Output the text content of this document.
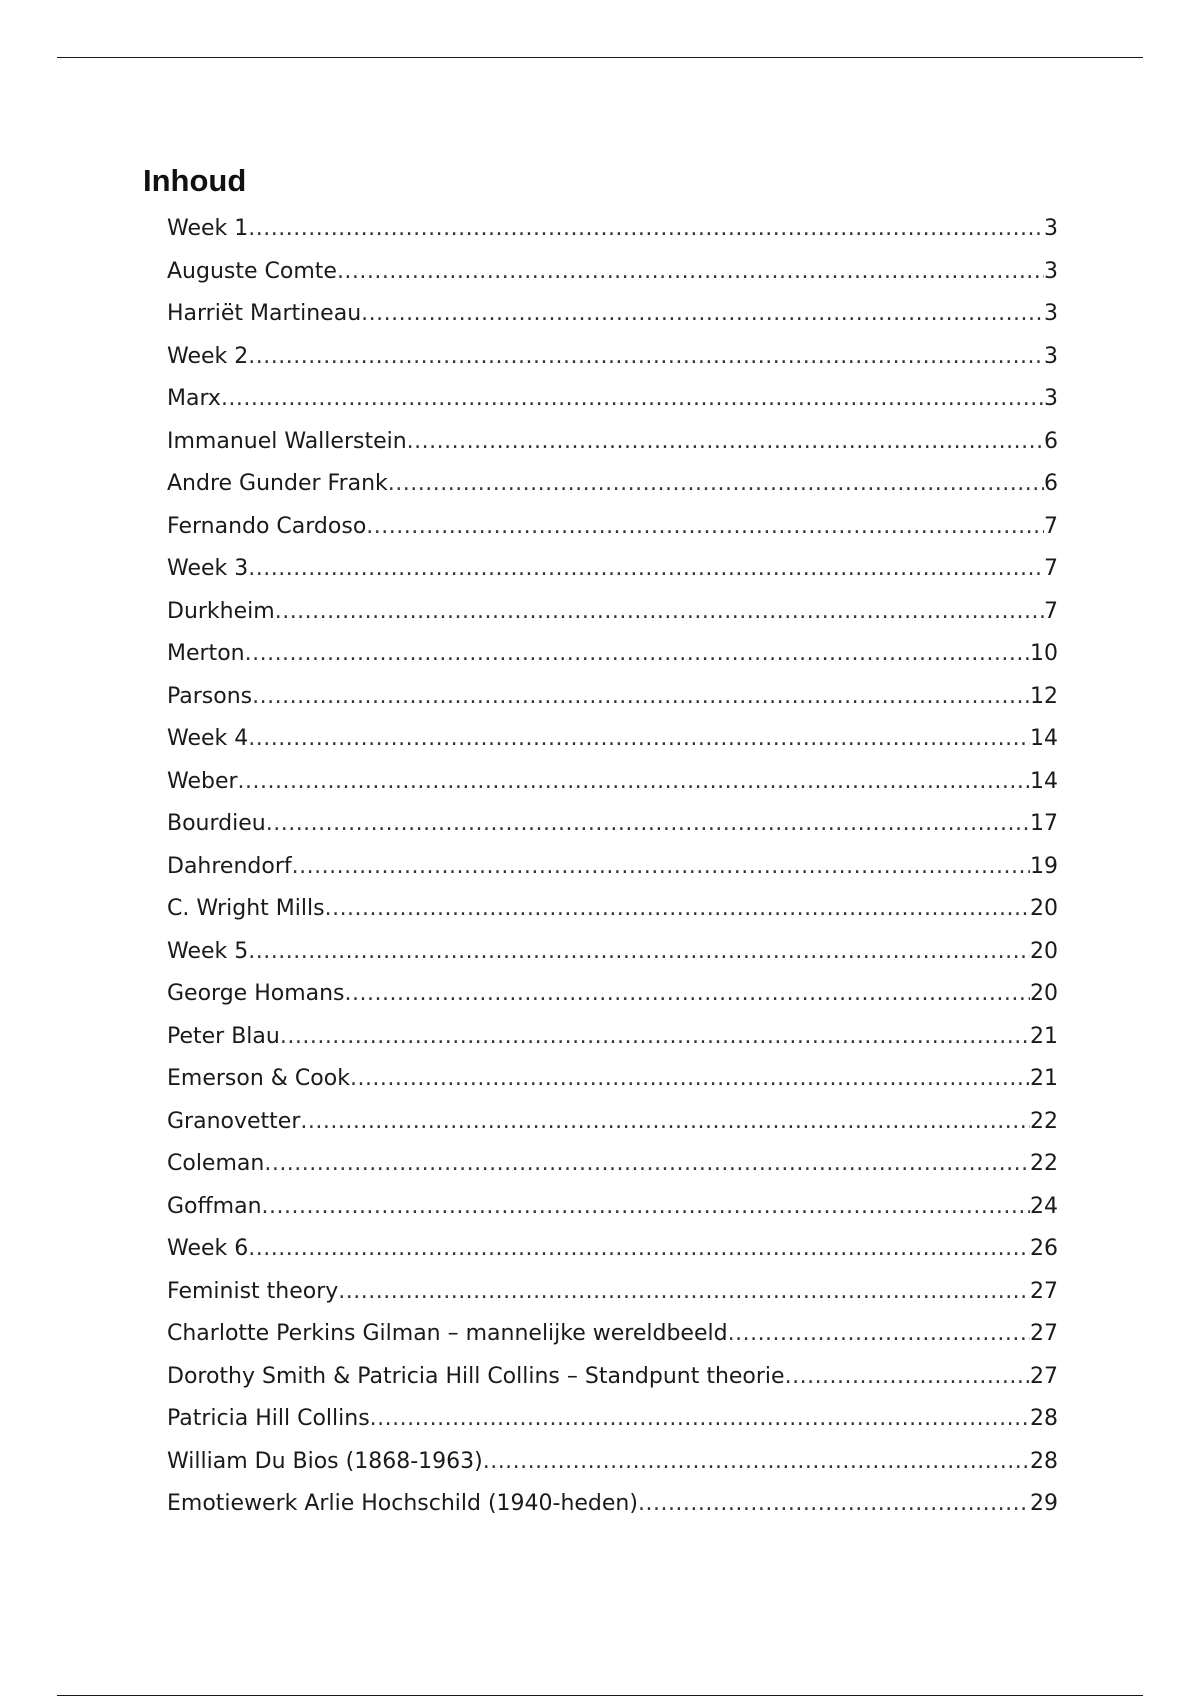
Inhoud
Week 1 .....	3
Auguste Comte .....	3
Harriët Martineau .....	3
Week 2 .....	3
Marx .....	3
Immanuel Wallerstein .....	6
Andre Gunder Frank .....	6
Fernando Cardoso .....	7
Week 3 .....	7
Durkheim .....	7
Merton .....	10
Parsons .....	12
Week 4 .....	14
Weber .....	14
Bourdieu .....	17
Dahrendorf .....	19
C. Wright Mills .....	20
Week 5 .....	20
George Homans .....	20
Peter Blau .....	21
Emerson & Cook .....	21
Granovetter .....	22
Coleman .....	22
Goffman .....	24
Week 6 .....	26
Feminist theory .....	27
Charlotte Perkins Gilman – mannelijke wereldbeeld .....	27
Dorothy Smith & Patricia Hill Collins – Standpunt theorie .....	27
Patricia Hill Collins .....	28
William Du Bios (1868-1963) .....	28
Emotiewerk Arlie Hochschild (1940-heden) .....	29
